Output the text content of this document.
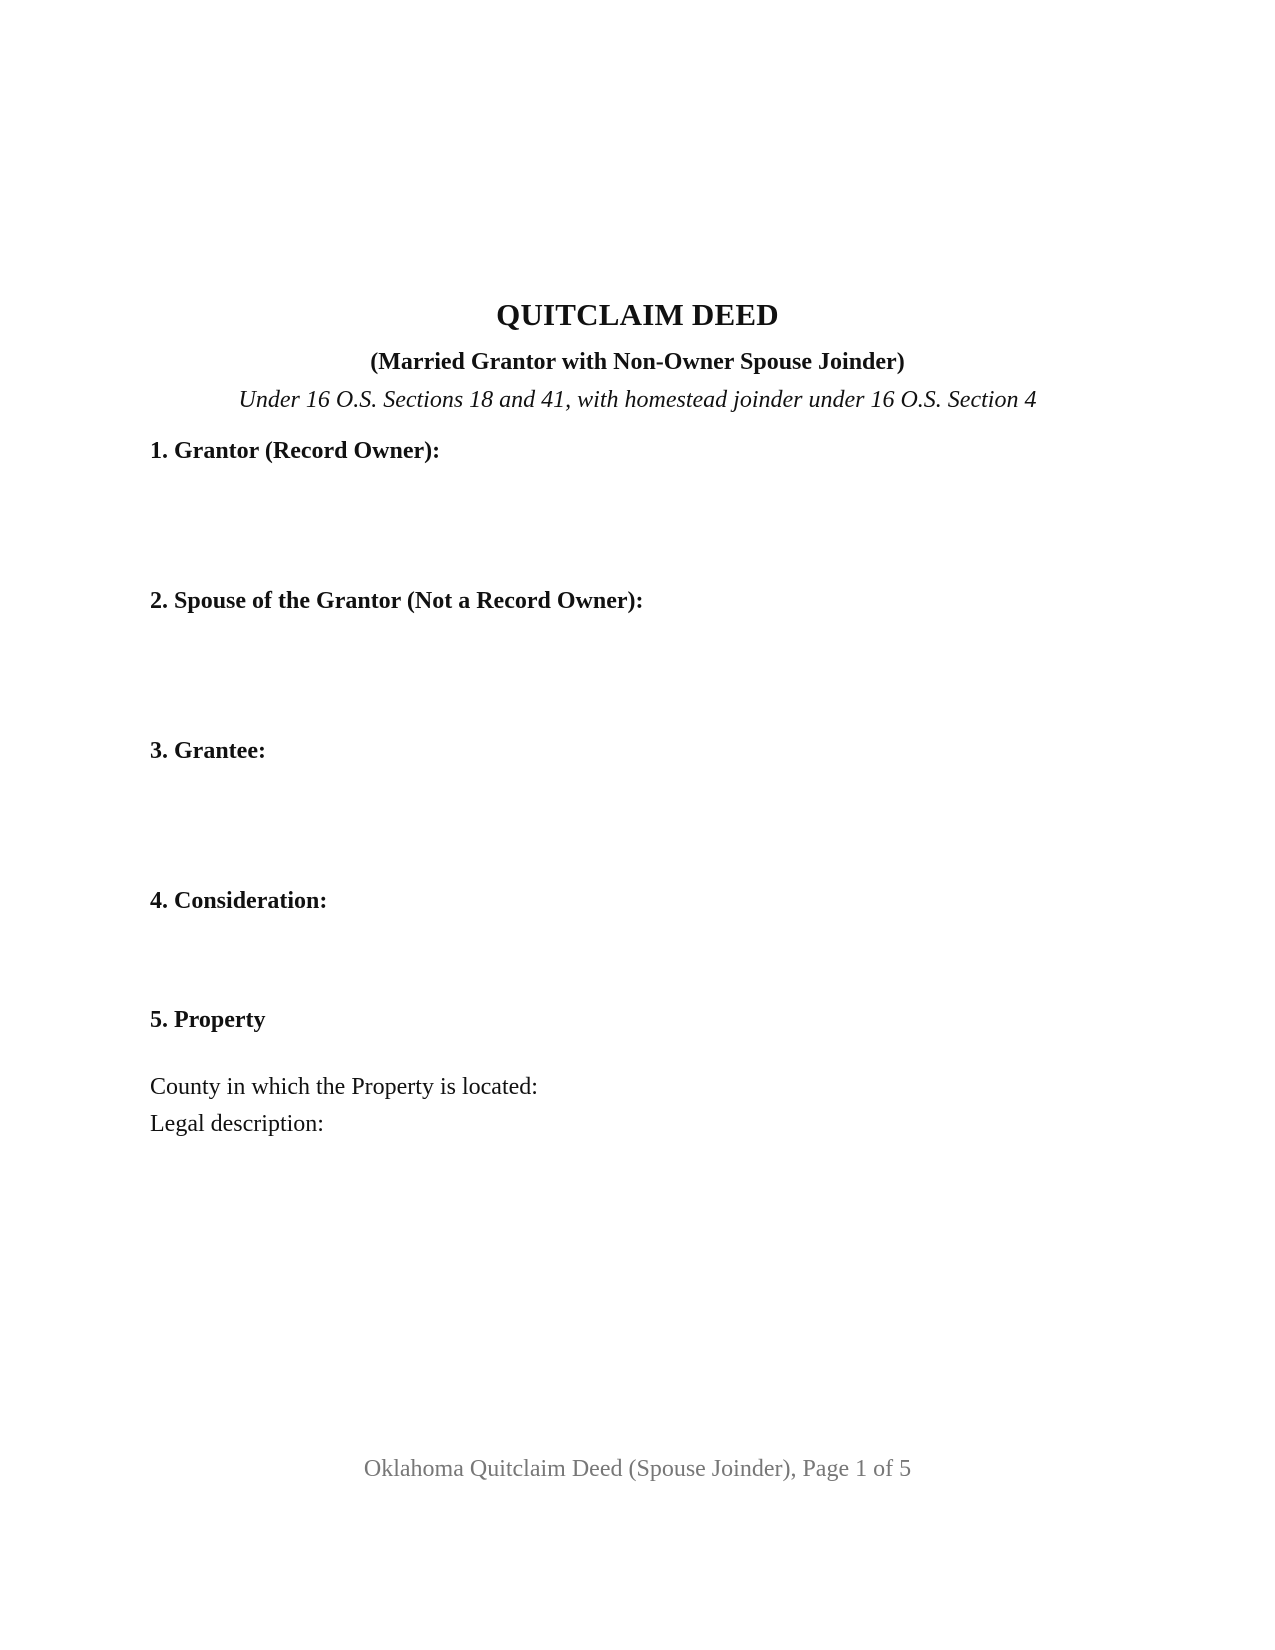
QUITCLAIM DEED
(Married Grantor with Non-Owner Spouse Joinder)

Under 16 O.S. Sections 18 and 41, with homestead joinder under 16 O.S. Section 4

1. Grantor (Record Owner):
2. Spouse of the Grantor (Not a Record Owner):
3. Grantee:
4. Consideration:
5. Property

County in which the Property is located:

Legal description:

Oklahoma Quitclaim Deed (Spouse Joinder), Page 1 of 5
